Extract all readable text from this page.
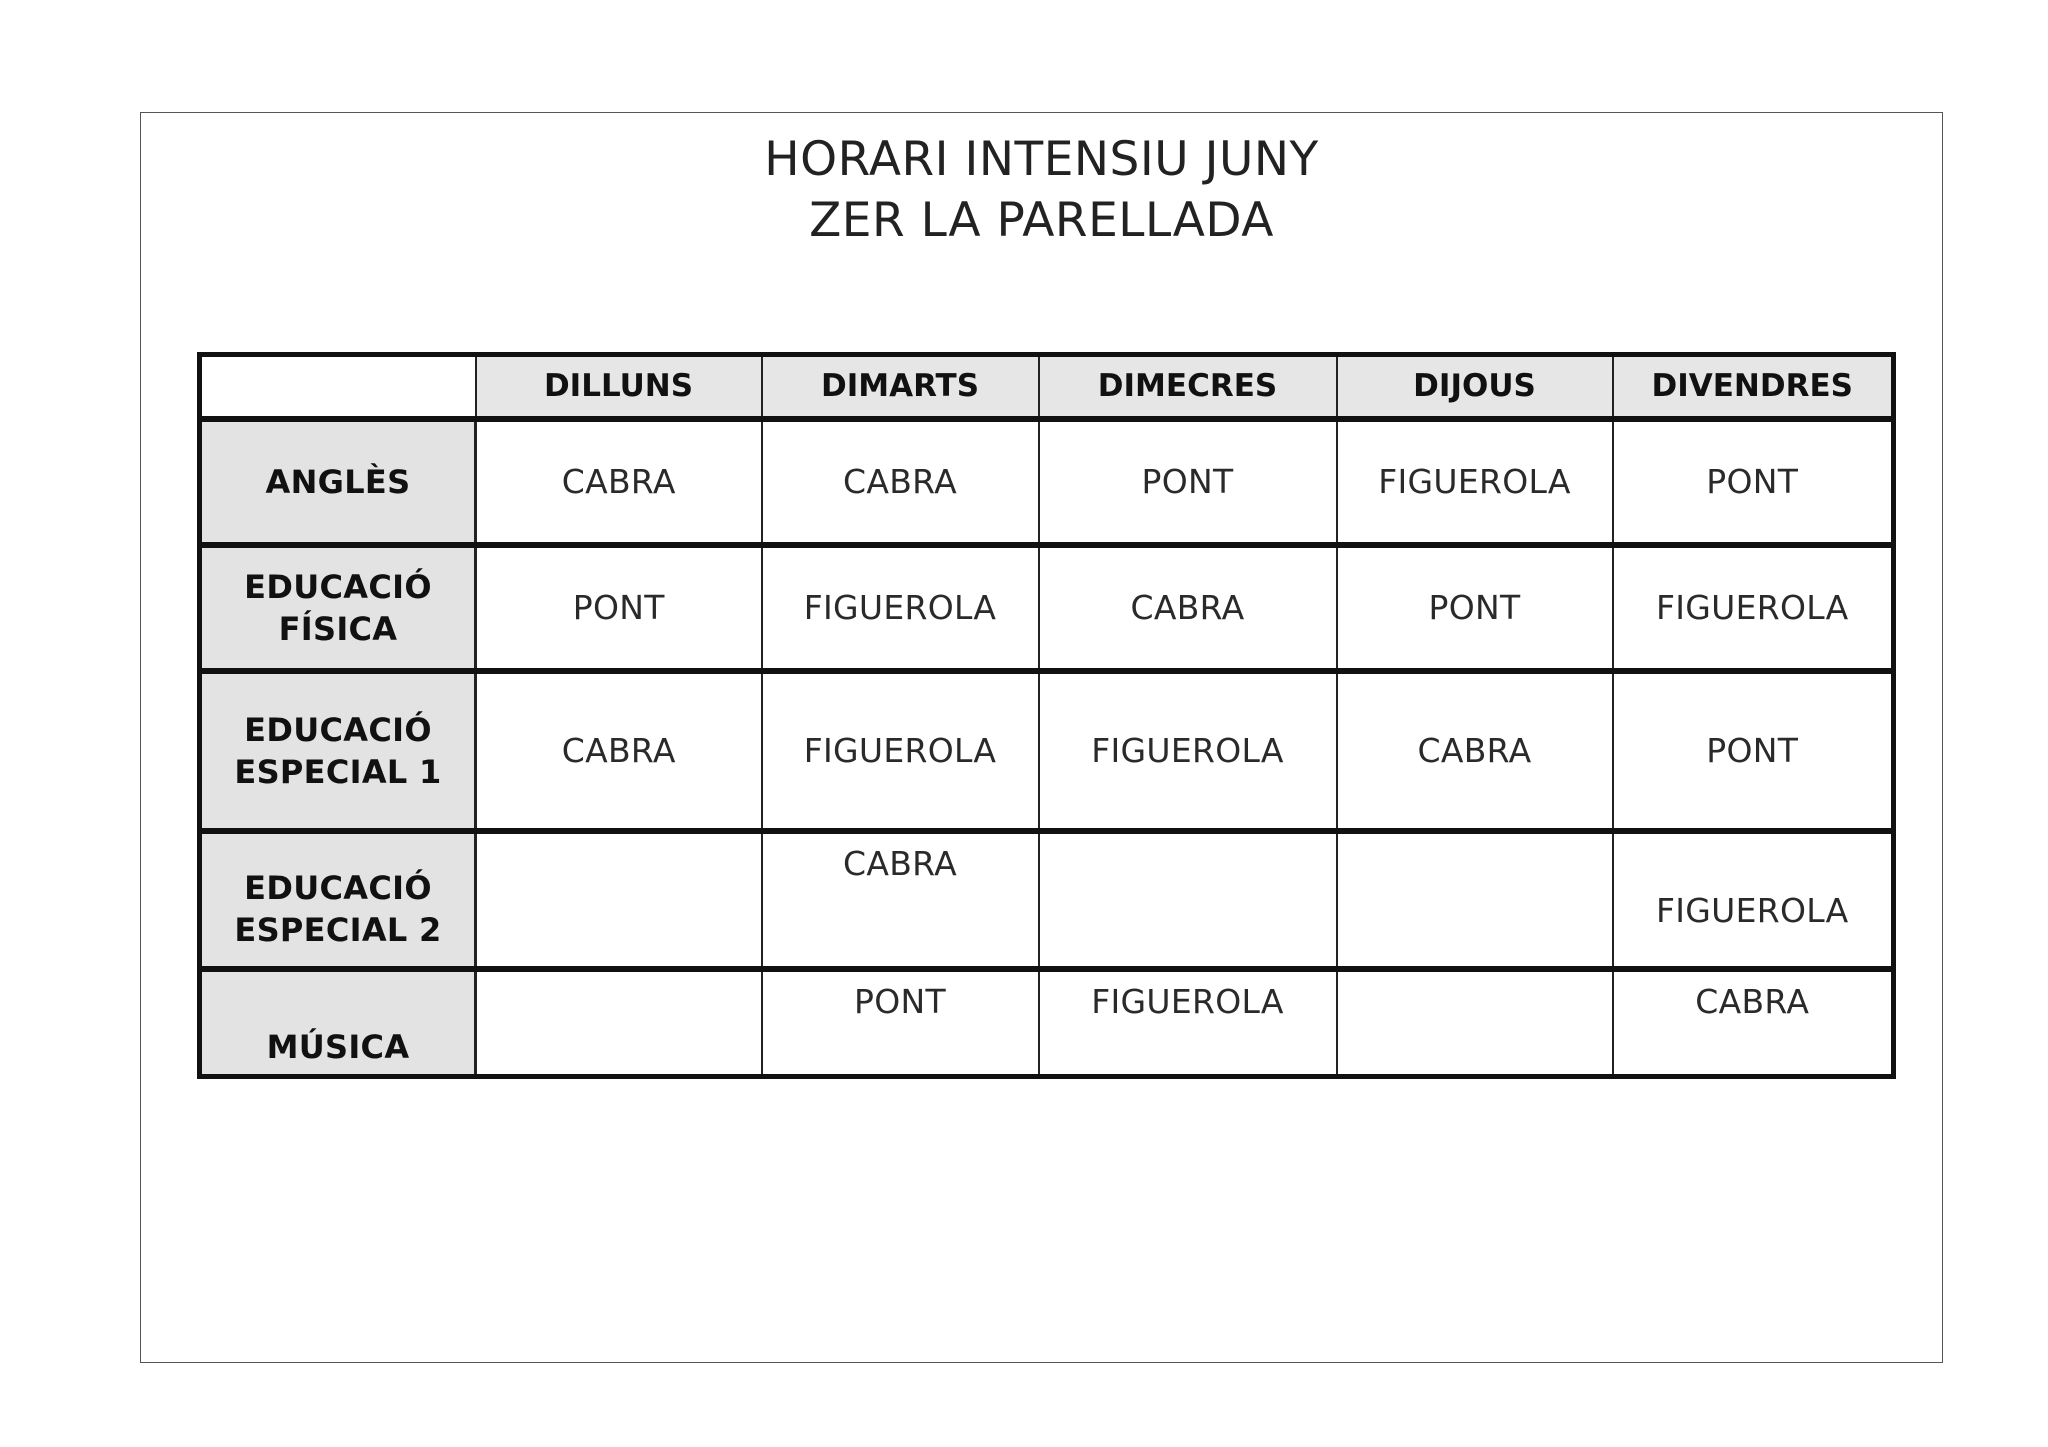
HORARI INTENSIU JUNY
ZER LA PARELLADA
	DILLUNS	DIMARTS	DIMECRES	DIJOUS	DIVENDRES
ANGLÈS	CABRA	CABRA	PONT	FIGUEROLA	PONT
EDUCACIÓ
FÍSICA	PONT	FIGUEROLA	CABRA	PONT	FIGUEROLA
EDUCACIÓ
ESPECIAL 1	CABRA	FIGUEROLA	FIGUEROLA	CABRA	PONT
EDUCACIÓ
ESPECIAL 2		CABRA			FIGUEROLA
MÚSICA		PONT	FIGUEROLA		CABRA
